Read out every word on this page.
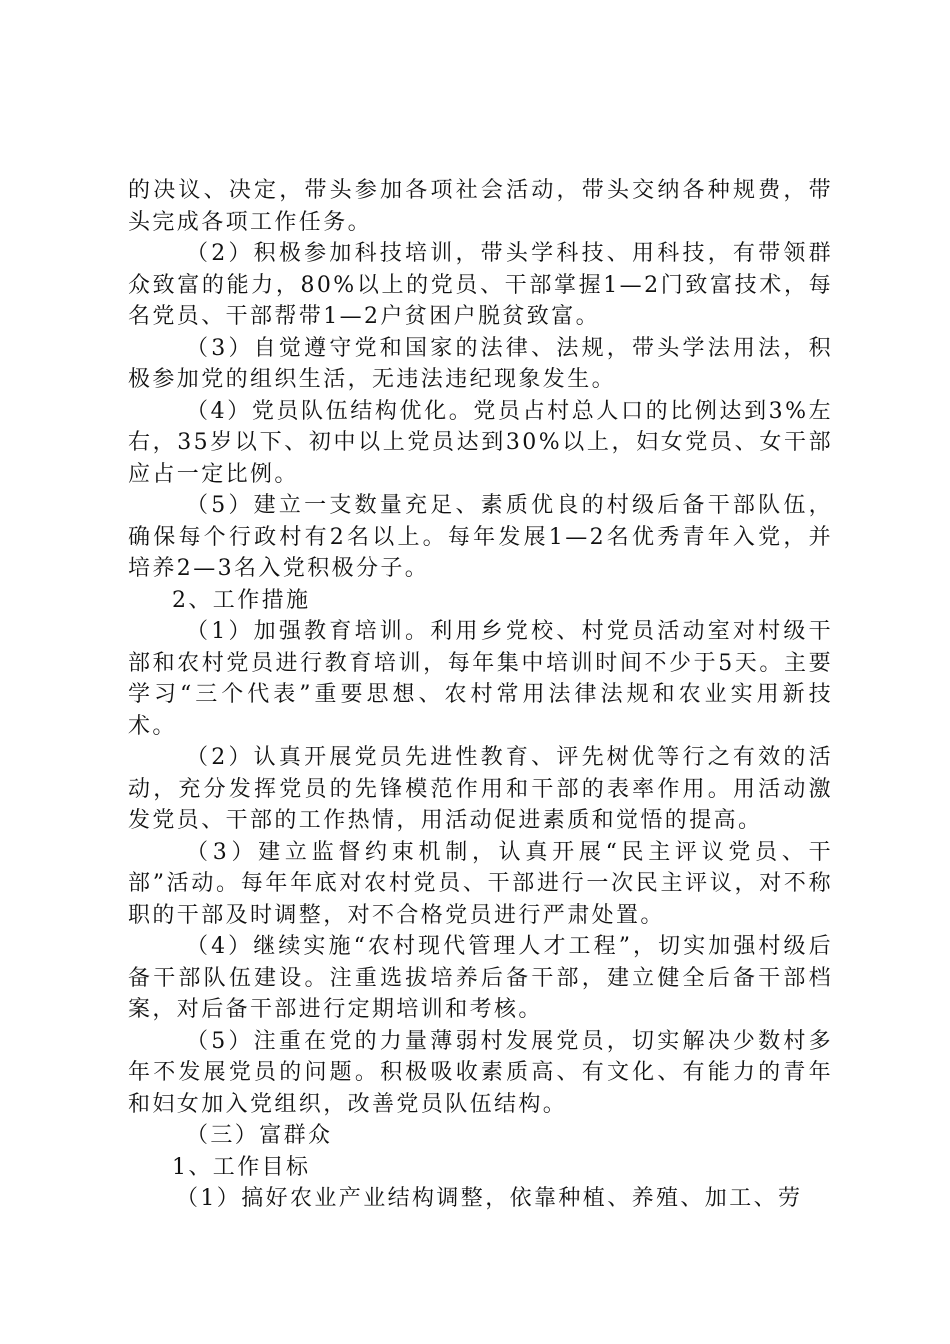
的决议、决定，带头参加各项社会活动，带头交纳各种规费，带头完成各项工作任务。

（2）积极参加科技培训，带头学科技、用科技，有带领群众致富的能力，80%以上的党员、干部掌握1—2门致富技术，每名党员、干部帮带1—2户贫困户脱贫致富。

（3）自觉遵守党和国家的法律、法规，带头学法用法，积极参加党的组织生活，无违法违纪现象发生。

（4）党员队伍结构优化。党员占村总人口的比例达到3%左右，35岁以下、初中以上党员达到30%以上，妇女党员、女干部应占一定比例。

（5）建立一支数量充足、素质优良的村级后备干部队伍，确保每个行政村有2名以上。每年发展1—2名优秀青年入党，并培养2—3名入党积极分子。

2、工作措施

（1）加强教育培训。利用乡党校、村党员活动室对村级干部和农村党员进行教育培训，每年集中培训时间不少于5天。主要学习“三个代表”重要思想、农村常用法律法规和农业实用新技术。

（2）认真开展党员先进性教育、评先树优等行之有效的活动，充分发挥党员的先锋模范作用和干部的表率作用。用活动激发党员、干部的工作热情，用活动促进素质和觉悟的提高。

（3）建立监督约束机制，认真开展“民主评议党员、干部”活动。每年年底对农村党员、干部进行一次民主评议，对不称职的干部及时调整，对不合格党员进行严肃处置。

（4）继续实施“农村现代管理人才工程”，切实加强村级后备干部队伍建设。注重选拔培养后备干部，建立健全后备干部档案，对后备干部进行定期培训和考核。

（5）注重在党的力量薄弱村发展党员，切实解决少数村多年不发展党员的问题。积极吸收素质高、有文化、有能力的青年和妇女加入党组织，改善党员队伍结构。

（三）富群众

1、工作目标

（1）搞好农业产业结构调整，依靠种植、养殖、加工、劳
